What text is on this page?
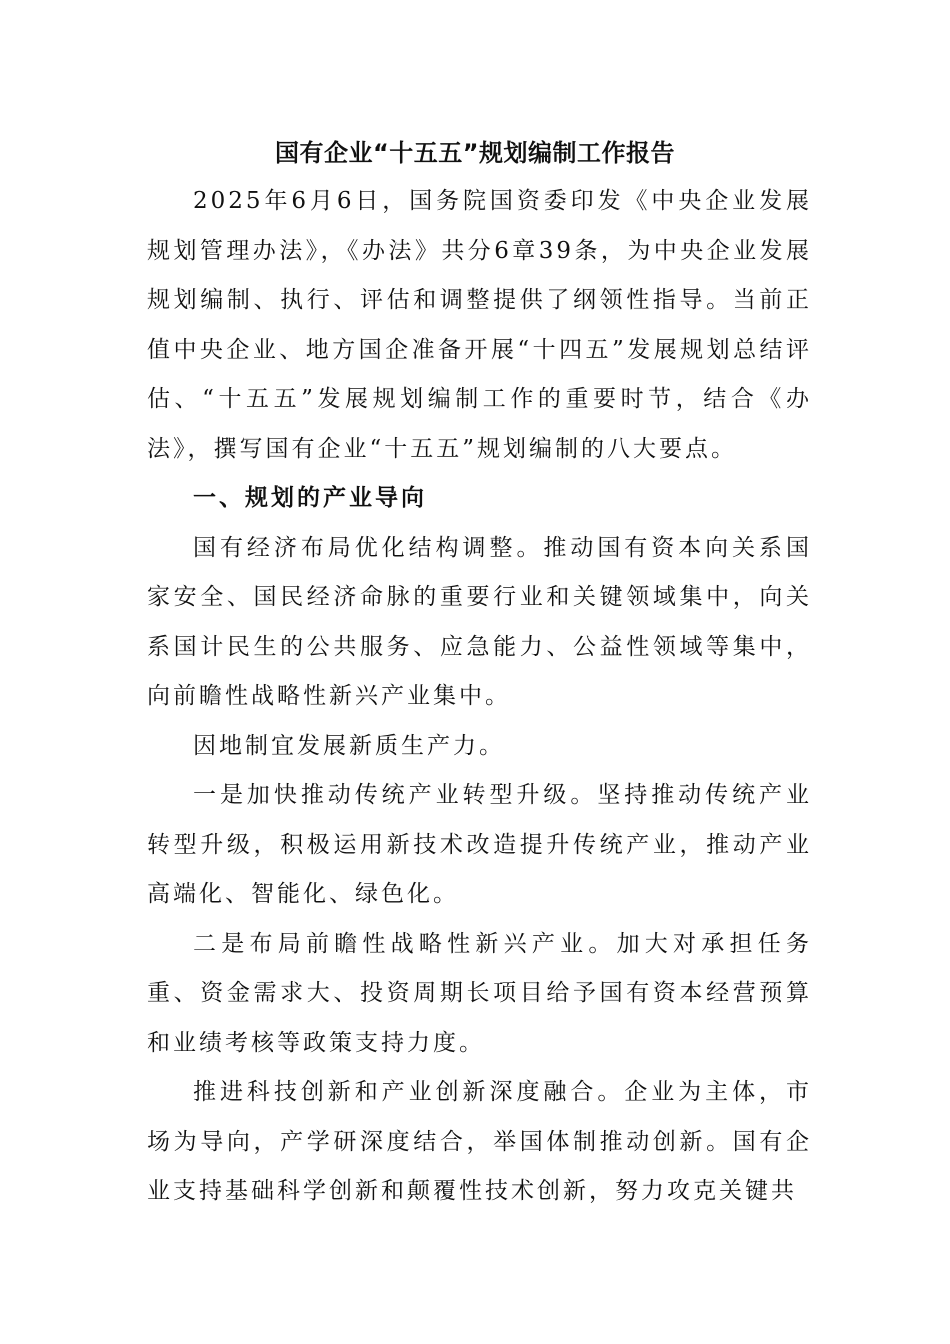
国有企业“十五五”规划编制工作报告

2025年6月6日，国务院国资委印发《中央企业发展规划管理办法》，《办法》共分6章39条，为中央企业发展规划编制、执行、评估和调整提供了纲领性指导。当前正值中央企业、地方国企准备开展“十四五”发展规划总结评估、“十五五”发展规划编制工作的重要时节，结合《办法》，撰写国有企业“十五五”规划编制的八大要点。

一、规划的产业导向

国有经济布局优化结构调整。推动国有资本向关系国家安全、国民经济命脉的重要行业和关键领域集中，向关系国计民生的公共服务、应急能力、公益性领域等集中，向前瞻性战略性新兴产业集中。

因地制宜发展新质生产力。

一是加快推动传统产业转型升级。坚持推动传统产业转型升级，积极运用新技术改造提升传统产业，推动产业高端化、智能化、绿色化。

二是布局前瞻性战略性新兴产业。加大对承担任务重、资金需求大、投资周期长项目给予国有资本经营预算和业绩考核等政策支持力度。

推进科技创新和产业创新深度融合。企业为主体，市场为导向，产学研深度结合，举国体制推动创新。国有企业支持基础科学创新和颠覆性技术创新，努力攻克关键共
